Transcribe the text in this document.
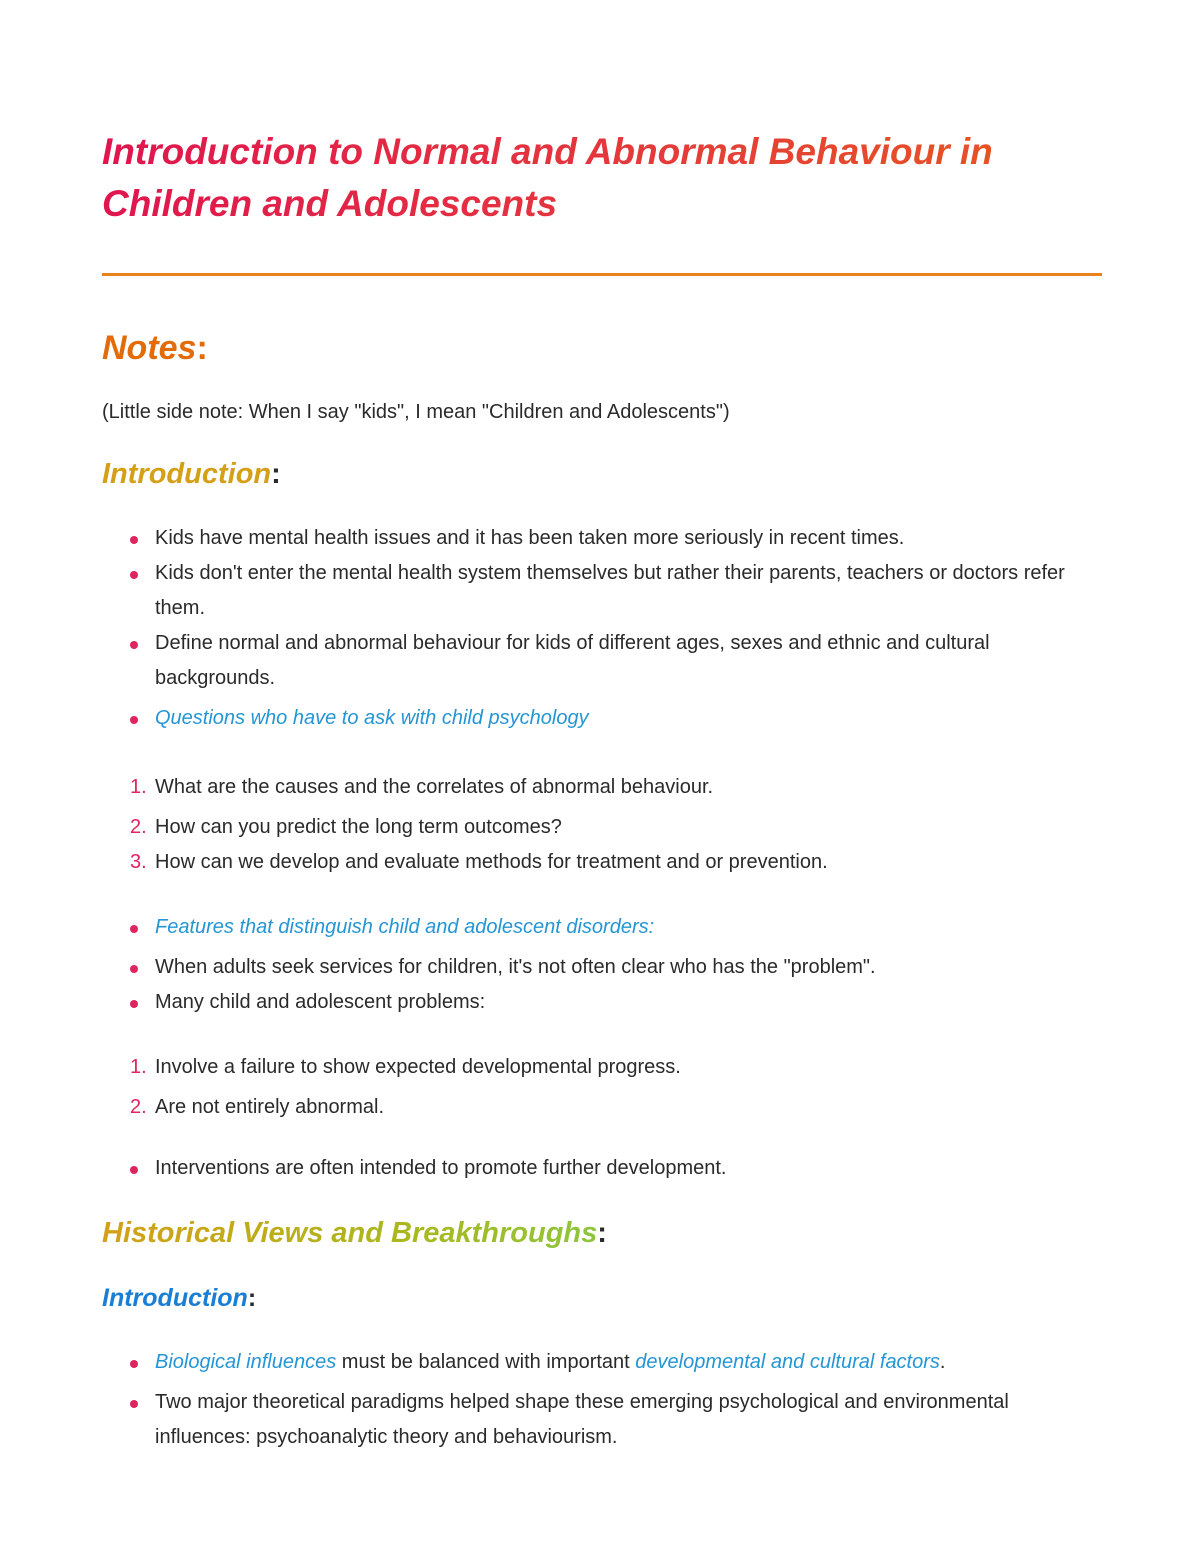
Introduction to Normal and Abnormal Behaviour in Children and Adolescents
Notes:

(Little side note: When I say "kids", I mean "Children and Adolescents")

Introduction:
Kids have mental health issues and it has been taken more seriously in recent times.
Kids don't enter the mental health system themselves but rather their parents, teachers or doctors refer them.
Define normal and abnormal behaviour for kids of different ages, sexes and ethnic and cultural backgrounds.
Questions who have to ask with child psychology
1. What are the causes and the correlates of abnormal behaviour.
2. How can you predict the long term outcomes?
3. How can we develop and evaluate methods for treatment and or prevention.
Features that distinguish child and adolescent disorders:
When adults seek services for children, it's not often clear who has the "problem".
Many child and adolescent problems:
1. Involve a failure to show expected developmental progress.
2. Are not entirely abnormal.
Interventions are often intended to promote further development.
Historical Views and Breakthroughs:
Introduction:
Biological influences must be balanced with important developmental and cultural factors.
Two major theoretical paradigms helped shape these emerging psychological and environmental influences: psychoanalytic theory and behaviourism.
